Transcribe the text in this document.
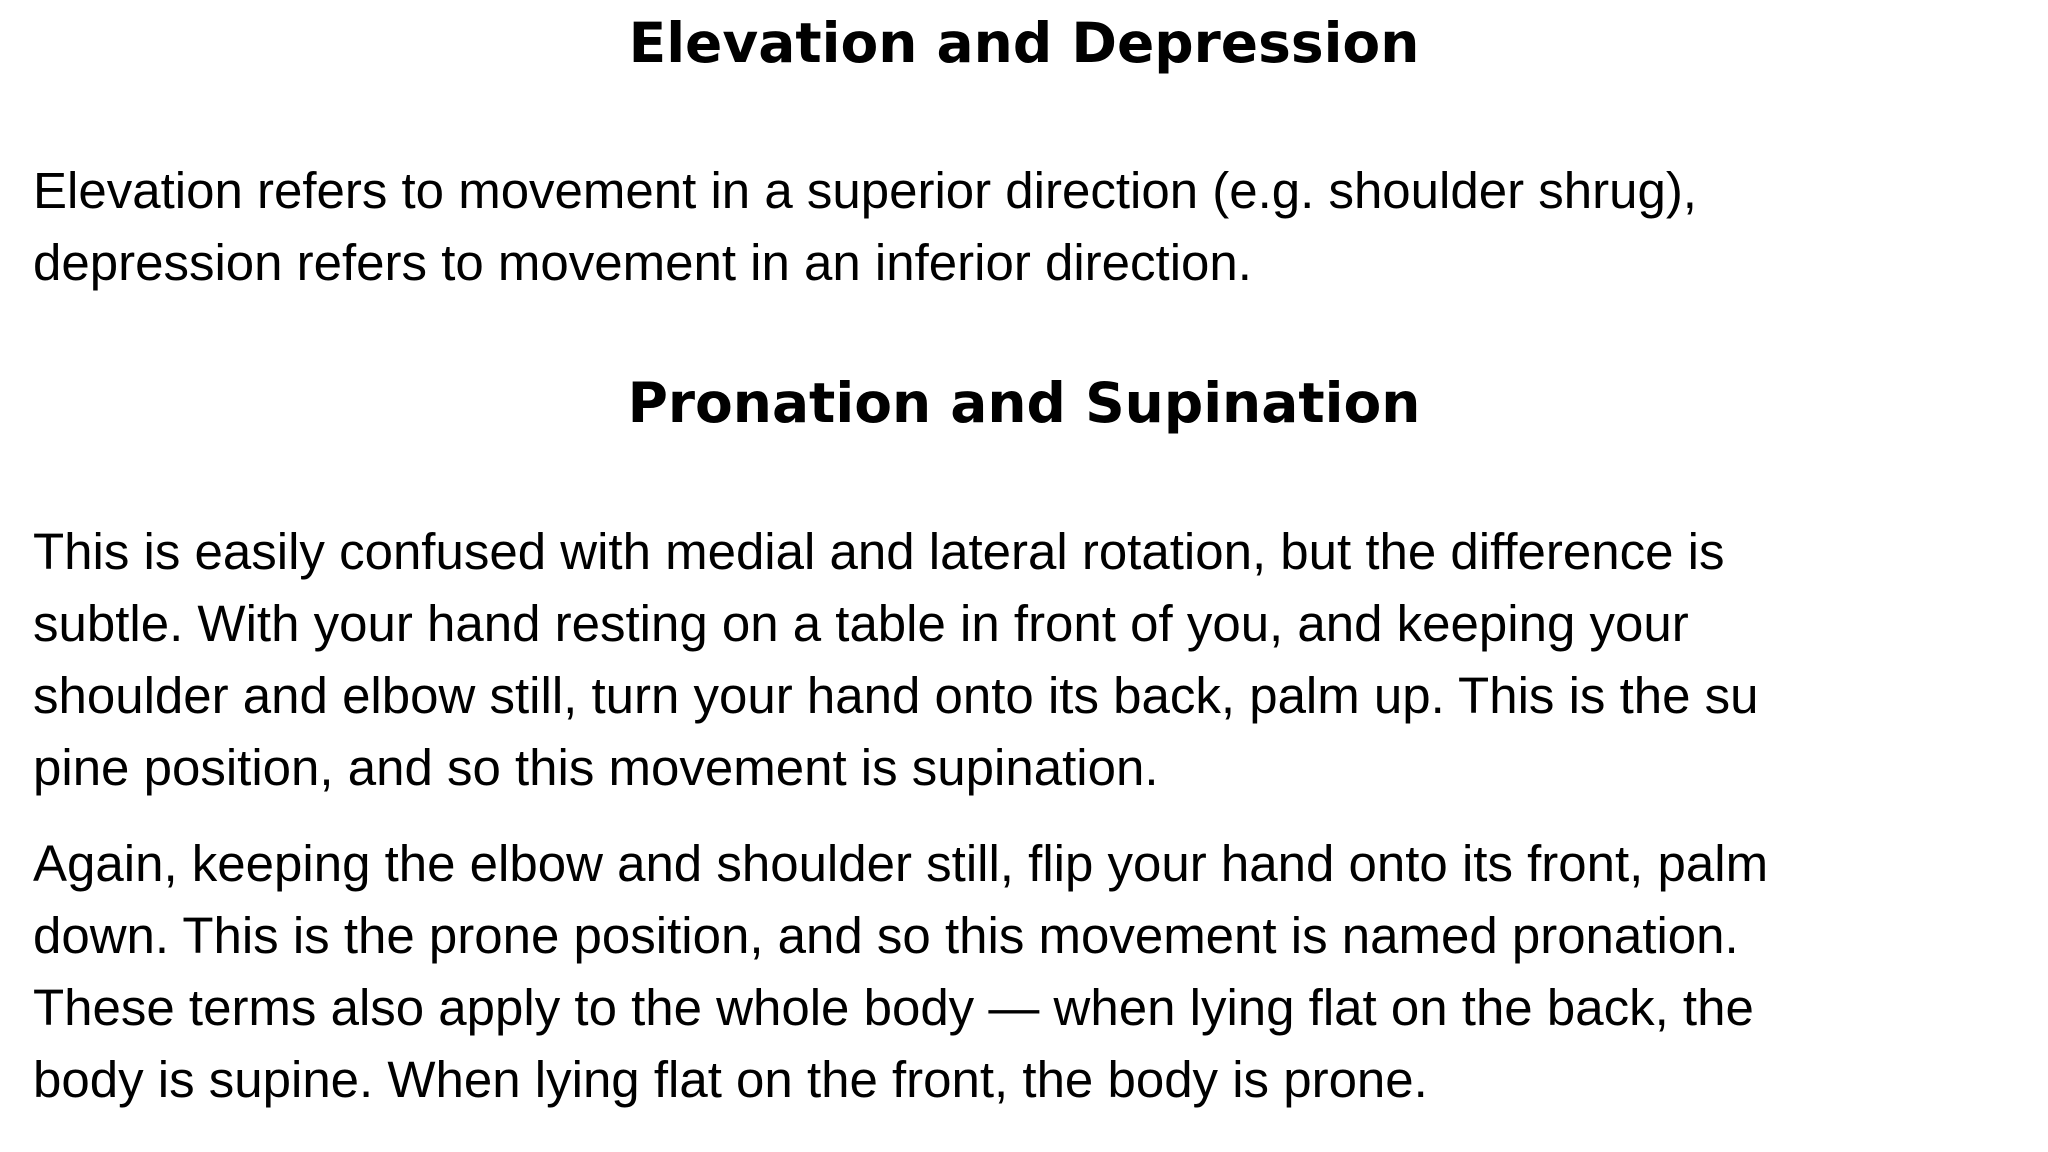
Elevation and Depression

Elevation refers to movement in a superior direction (e.g. shoulder shrug),
depression refers to movement in an inferior direction.

Pronation and Supination

This is easily confused with medial and lateral rotation, but the difference is
subtle. With your hand resting on a table in front of you, and keeping your
shoulder and elbow still, turn your hand onto its back, palm up. This is the su
pine position, and so this movement is supination.

Again, keeping the elbow and shoulder still, flip your hand onto its front, palm
down. This is the prone position, and so this movement is named pronation.
These terms also apply to the whole body — when lying flat on the back, the
body is supine. When lying flat on the front, the body is prone.
